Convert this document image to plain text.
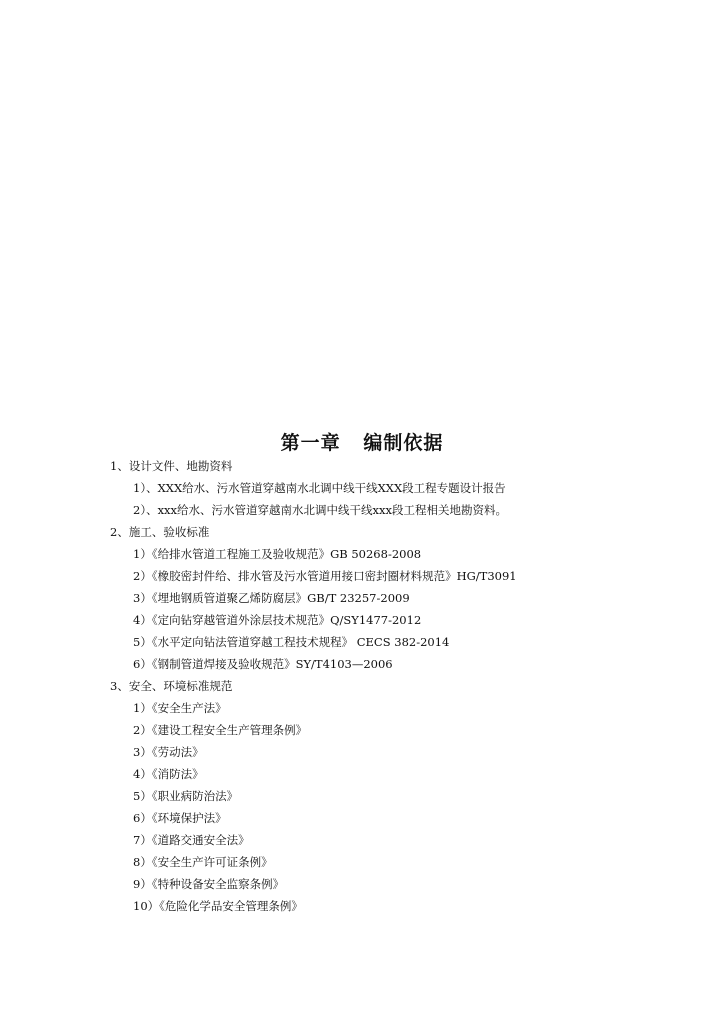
第一章   编制依据
1、设计文件、地勘资料
1）、XXX给水、污水管道穿越南水北调中线干线XXX段工程专题设计报告
2）、xxx给水、污水管道穿越南水北调中线干线xxx段工程相关地勘资料。
2、施工、验收标准
1）《给排水管道工程施工及验收规范》GB 50268-2008
2）《橡胶密封件给、排水管及污水管道用接口密封圈材料规范》HG/T3091
3）《埋地钢质管道聚乙烯防腐层》GB/T 23257-2009
4）《定向钻穿越管道外涂层技术规范》Q/SY1477-2012
5）《水平定向钻法管道穿越工程技术规程》 CECS 382-2014
6）《钢制管道焊接及验收规范》SY/T4103—2006
3、安全、环境标准规范
1）《安全生产法》
2）《建设工程安全生产管理条例》
3）《劳动法》
4）《消防法》
5）《职业病防治法》
6）《环境保护法》
7）《道路交通安全法》
8）《安全生产许可证条例》
9）《特种设备安全监察条例》
10）《危险化学品安全管理条例》
